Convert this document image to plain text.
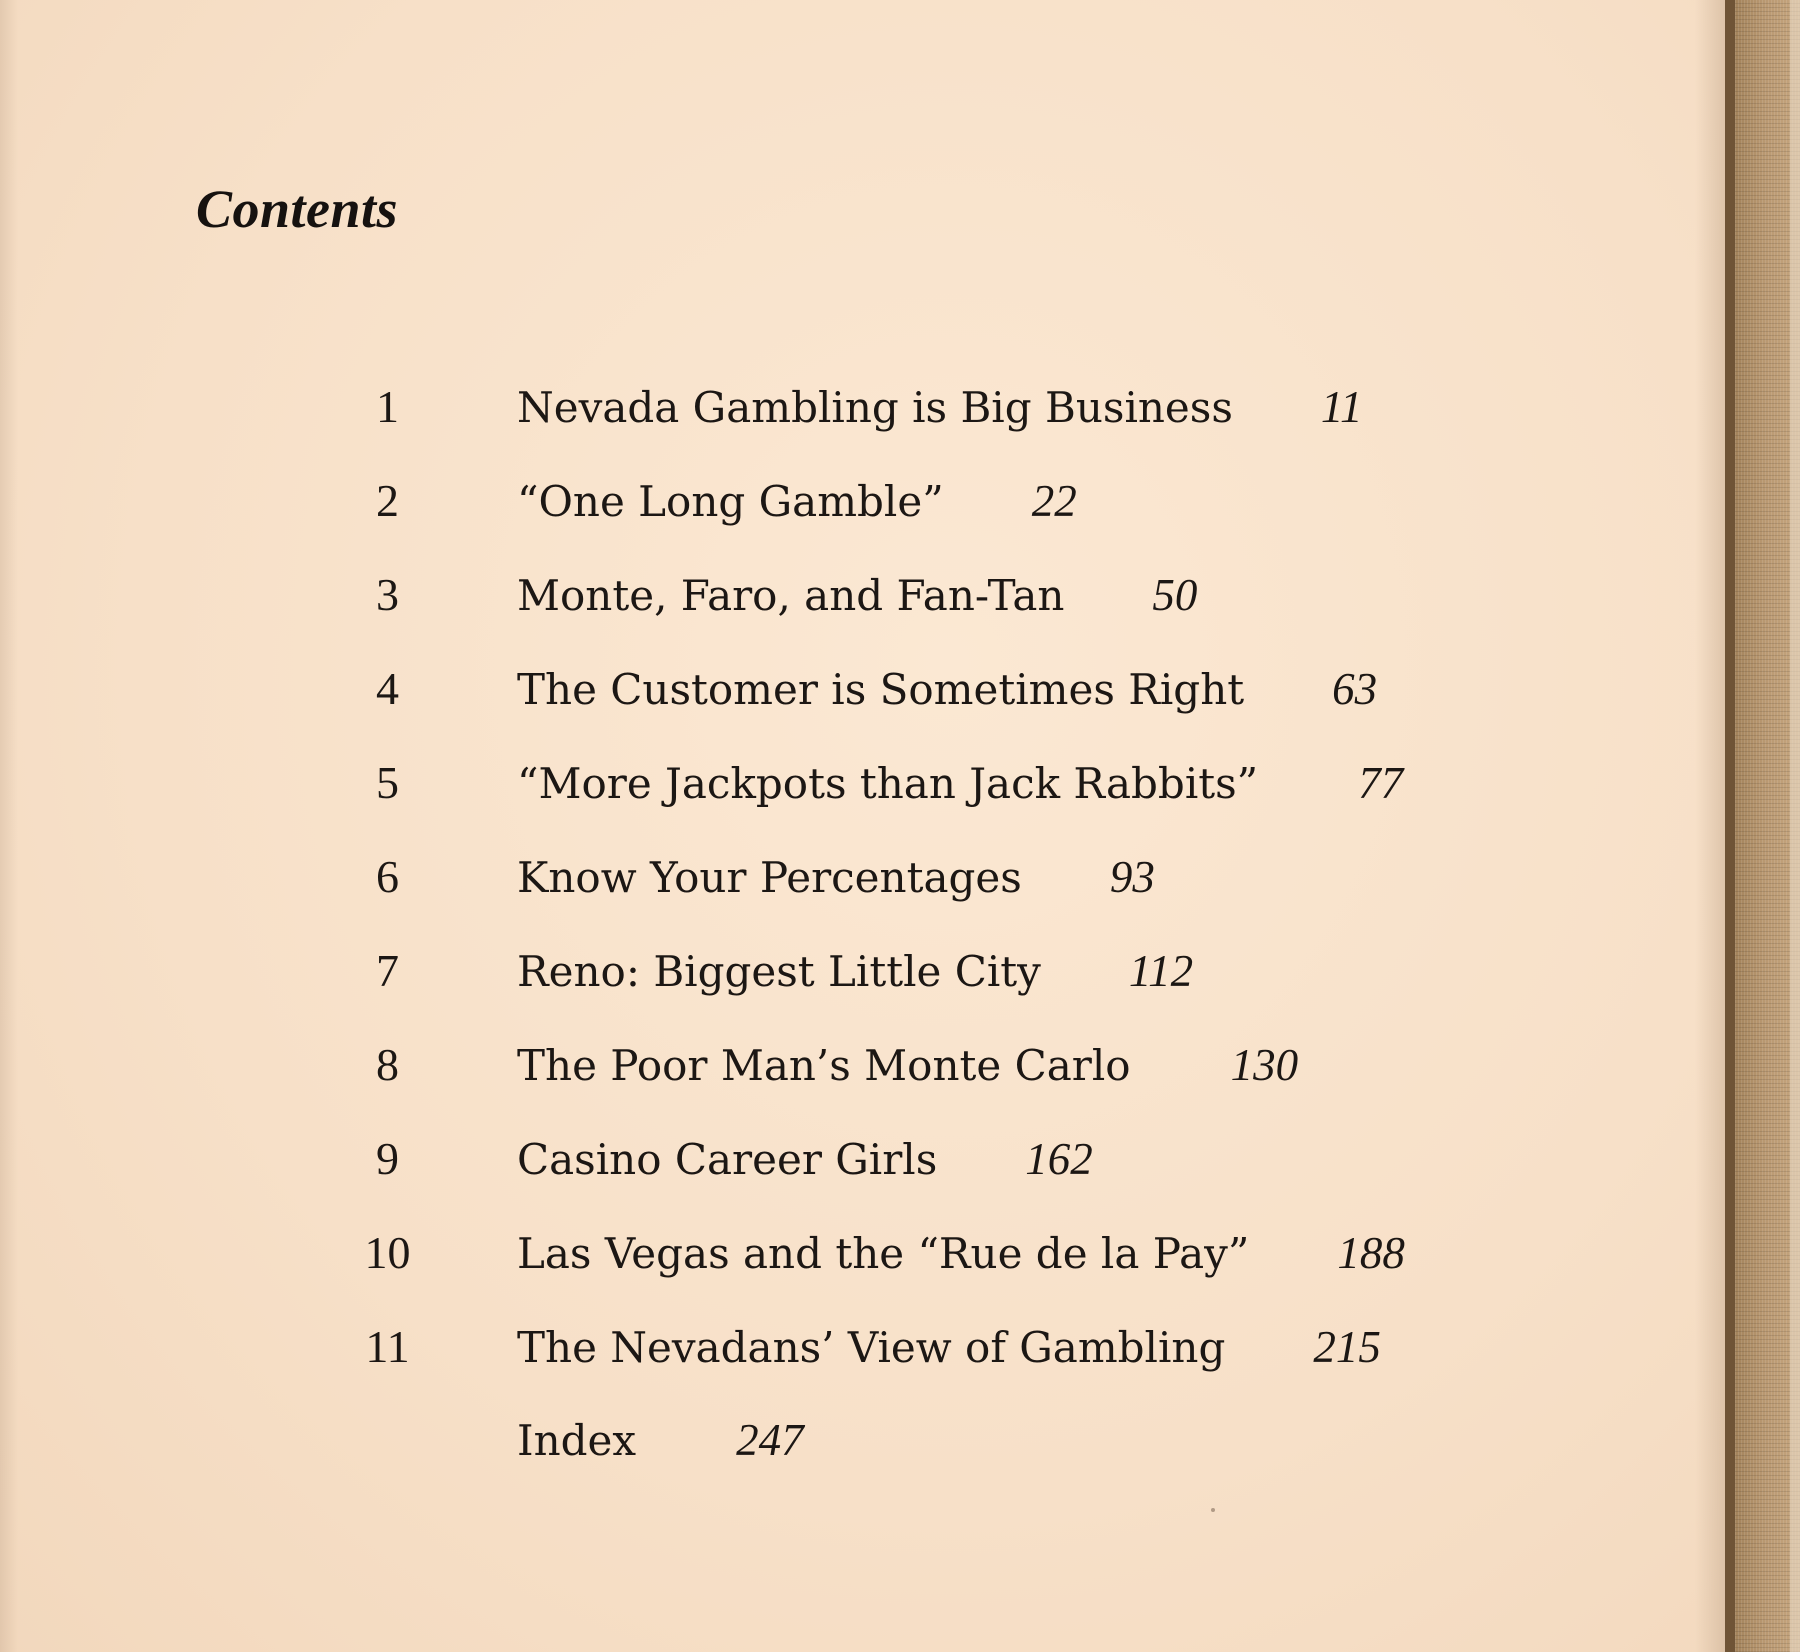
Contents
1	Nevada Gambling is Big Business 11
2	“One Long Gamble” 22
3	Monte, Faro, and Fan-Tan 50
4	The Customer is Sometimes Right 63
5	“More Jackpots than Jack Rabbits” 77
6	Know Your Percentages 93
7	Reno: Biggest Little City 112
8	The Poor Man’s Monte Carlo 130
9	Casino Career Girls 162
10	Las Vegas and the “Rue de la Pay” 188
11	The Nevadans’ View of Gambling 215
Index 247
